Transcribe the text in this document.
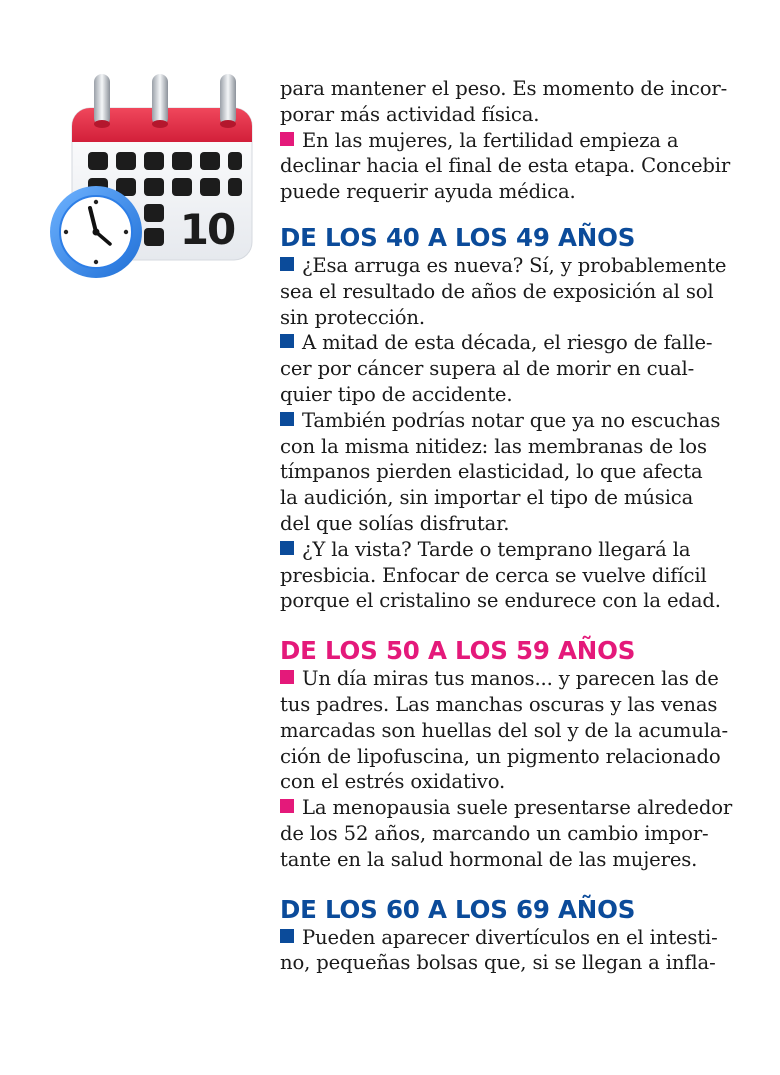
10
para mantener el peso. Es momento de incor-
porar más actividad física.
En las mujeres, la fertilidad empieza a
declinar hacia el final de esta etapa. Concebir
puede requerir ayuda médica.
DE LOS 40 A LOS 49 AÑOS
¿Esa arruga es nueva? Sí, y probablemente
sea el resultado de años de exposición al sol
sin protección.
A mitad de esta década, el riesgo de falle-
cer por cáncer supera al de morir en cual-
quier tipo de accidente.
También podrías notar que ya no escuchas
con la misma nitidez: las membranas de los
tímpanos pierden elasticidad, lo que afecta
la audición, sin importar el tipo de música
del que solías disfrutar.
¿Y la vista? Tarde o temprano llegará la
presbicia. Enfocar de cerca se vuelve difícil
porque el cristalino se endurece con la edad.
DE LOS 50 A LOS 59 AÑOS
Un día miras tus manos... y parecen las de
tus padres. Las manchas oscuras y las venas
marcadas son huellas del sol y de la acumula-
ción de lipofuscina, un pigmento relacionado
con el estrés oxidativo.
La menopausia suele presentarse alrededor
de los 52 años, marcando un cambio impor-
tante en la salud hormonal de las mujeres.
DE LOS 60 A LOS 69 AÑOS
Pueden aparecer divertículos en el intesti-
no, pequeñas bolsas que, si se llegan a infla-
